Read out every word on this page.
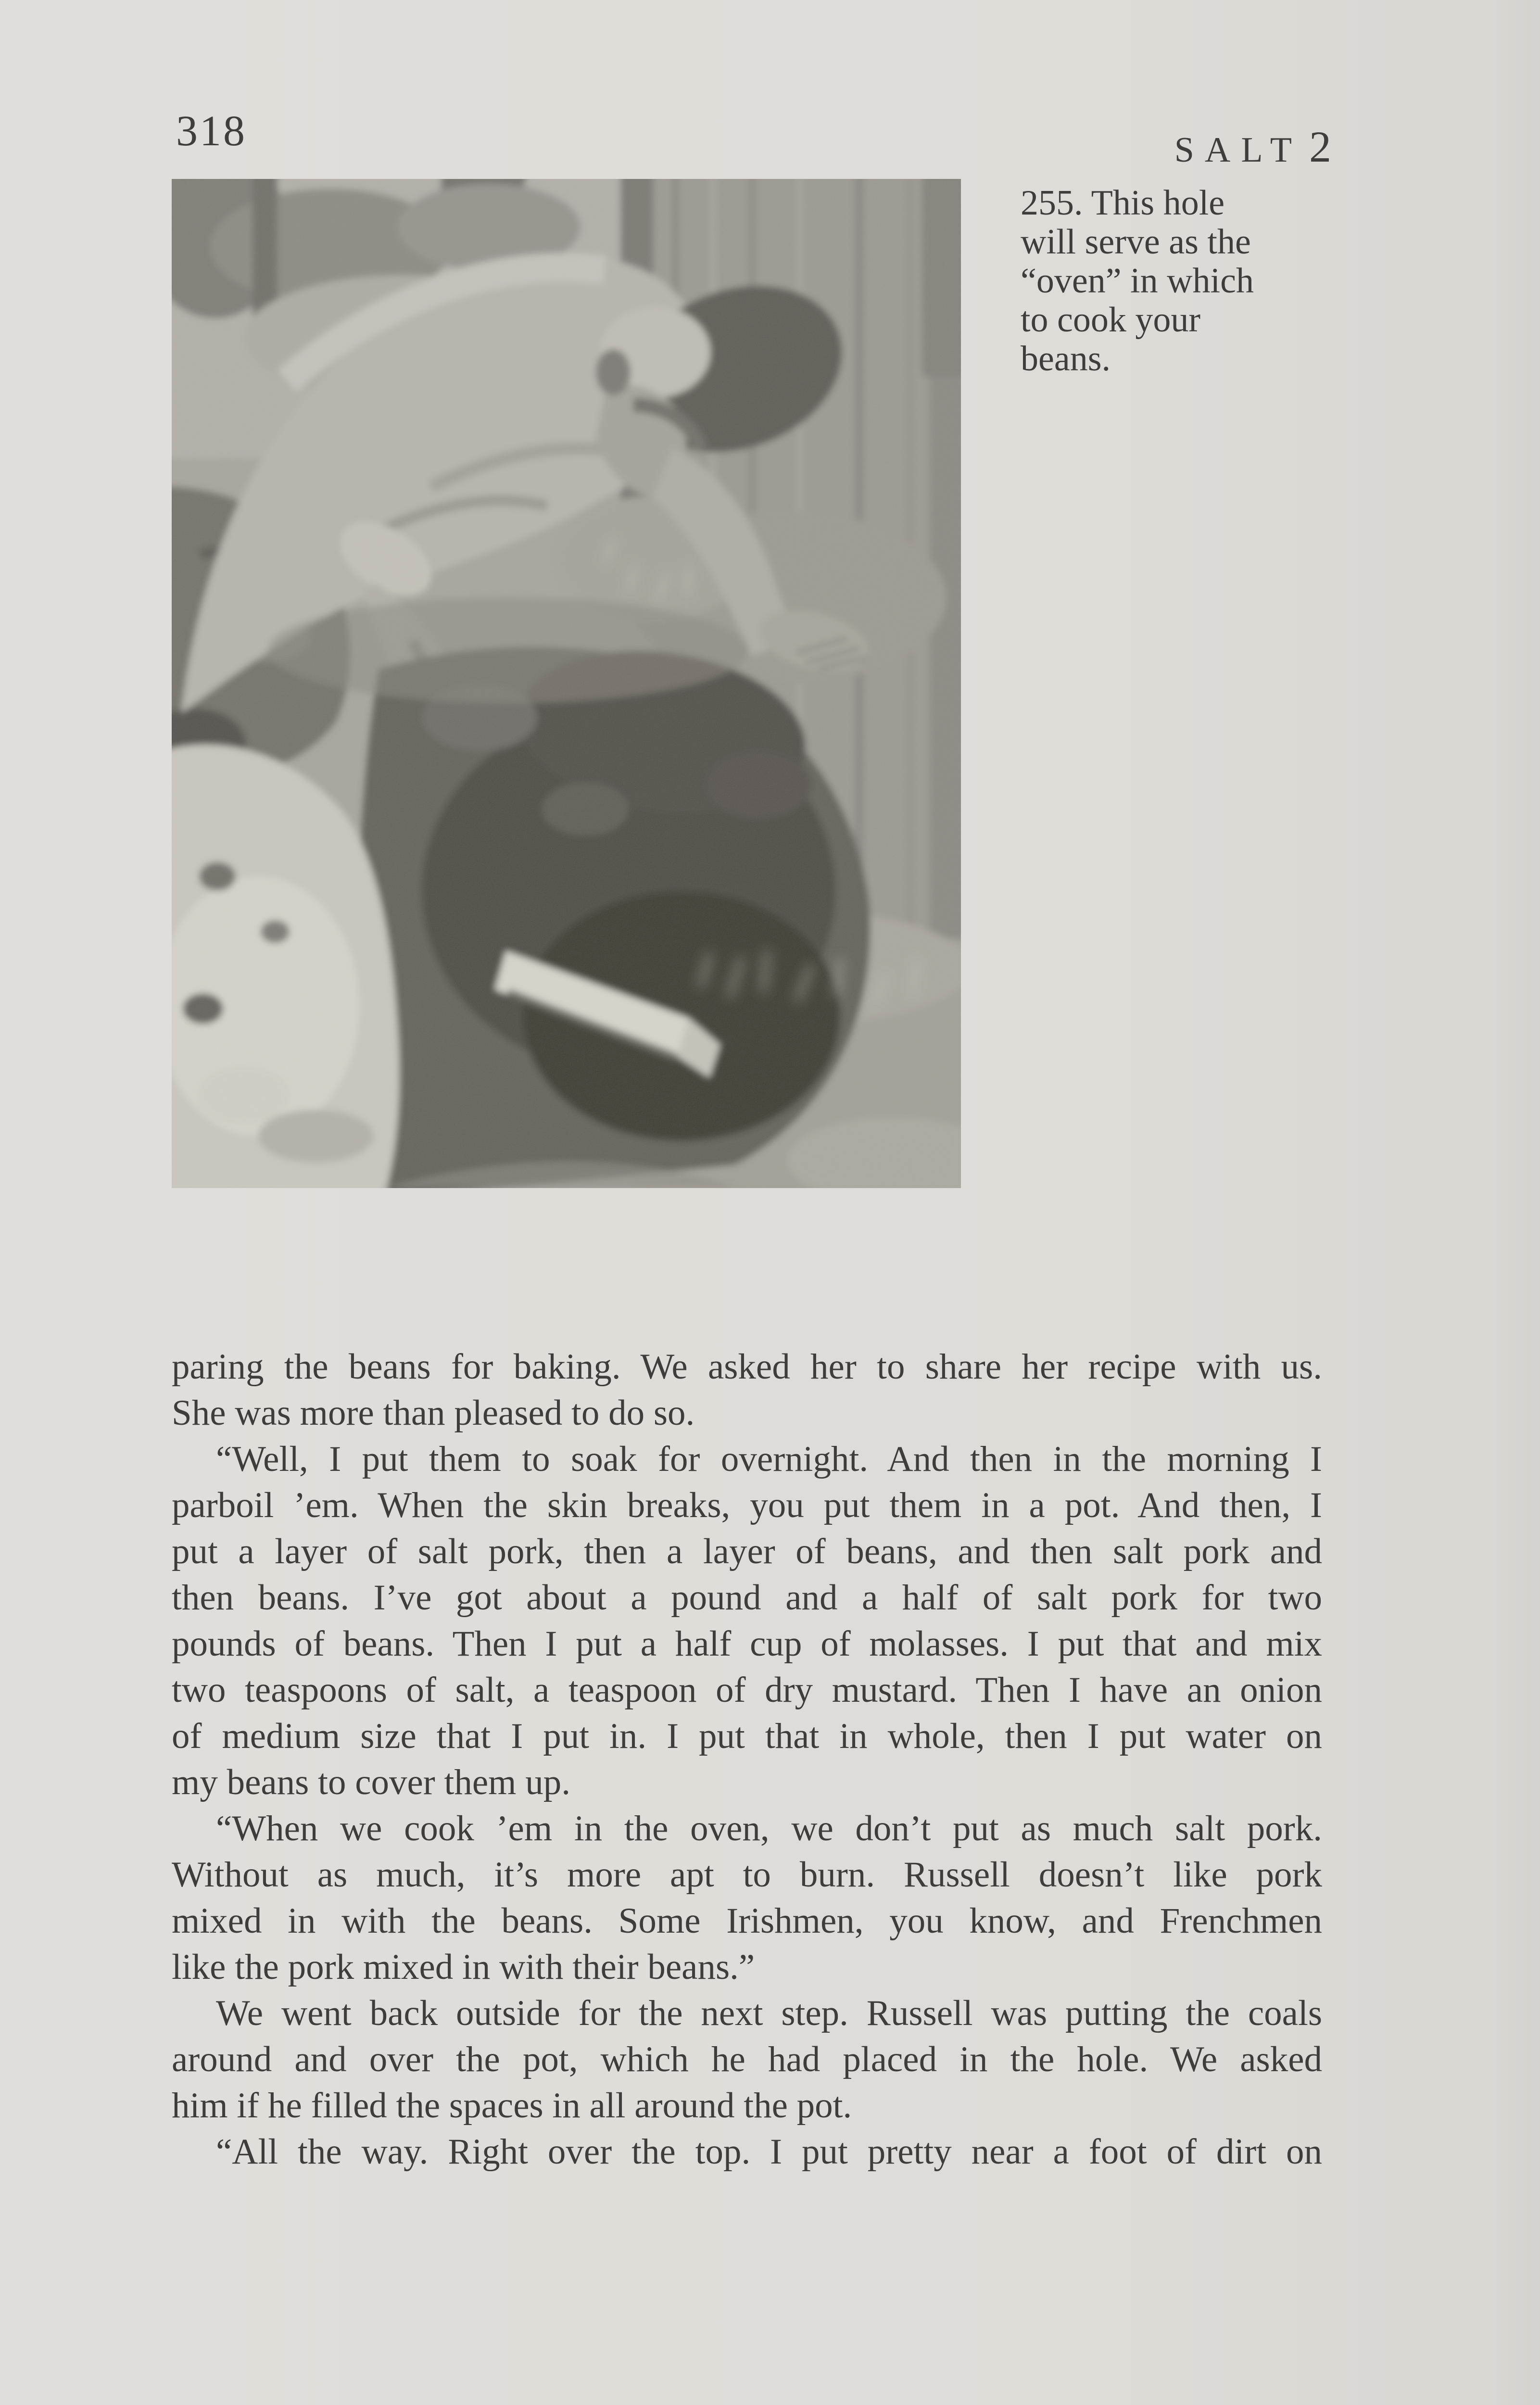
318	SALT 2
255. This hole
will serve as the
“oven” in which
to cook your
beans.
paring the beans for baking. We asked her to share her recipe with us.
She was more than pleased to do so.
“Well, I put them to soak for overnight. And then in the morning I
parboil ’em. When the skin breaks, you put them in a pot. And then, I
put a layer of salt pork, then a layer of beans, and then salt pork and
then beans. I’ve got about a pound and a half of salt pork for two
pounds of beans. Then I put a half cup of molasses. I put that and mix
two teaspoons of salt, a teaspoon of dry mustard. Then I have an onion
of medium size that I put in. I put that in whole, then I put water on
my beans to cover them up.
“When we cook ’em in the oven, we don’t put as much salt pork.
Without as much, it’s more apt to burn. Russell doesn’t like pork
mixed in with the beans. Some Irishmen, you know, and Frenchmen
like the pork mixed in with their beans.”
We went back outside for the next step. Russell was putting the coals
around and over the pot, which he had placed in the hole. We asked
him if he filled the spaces in all around the pot.
“All the way. Right over the top. I put pretty near a foot of dirt on
